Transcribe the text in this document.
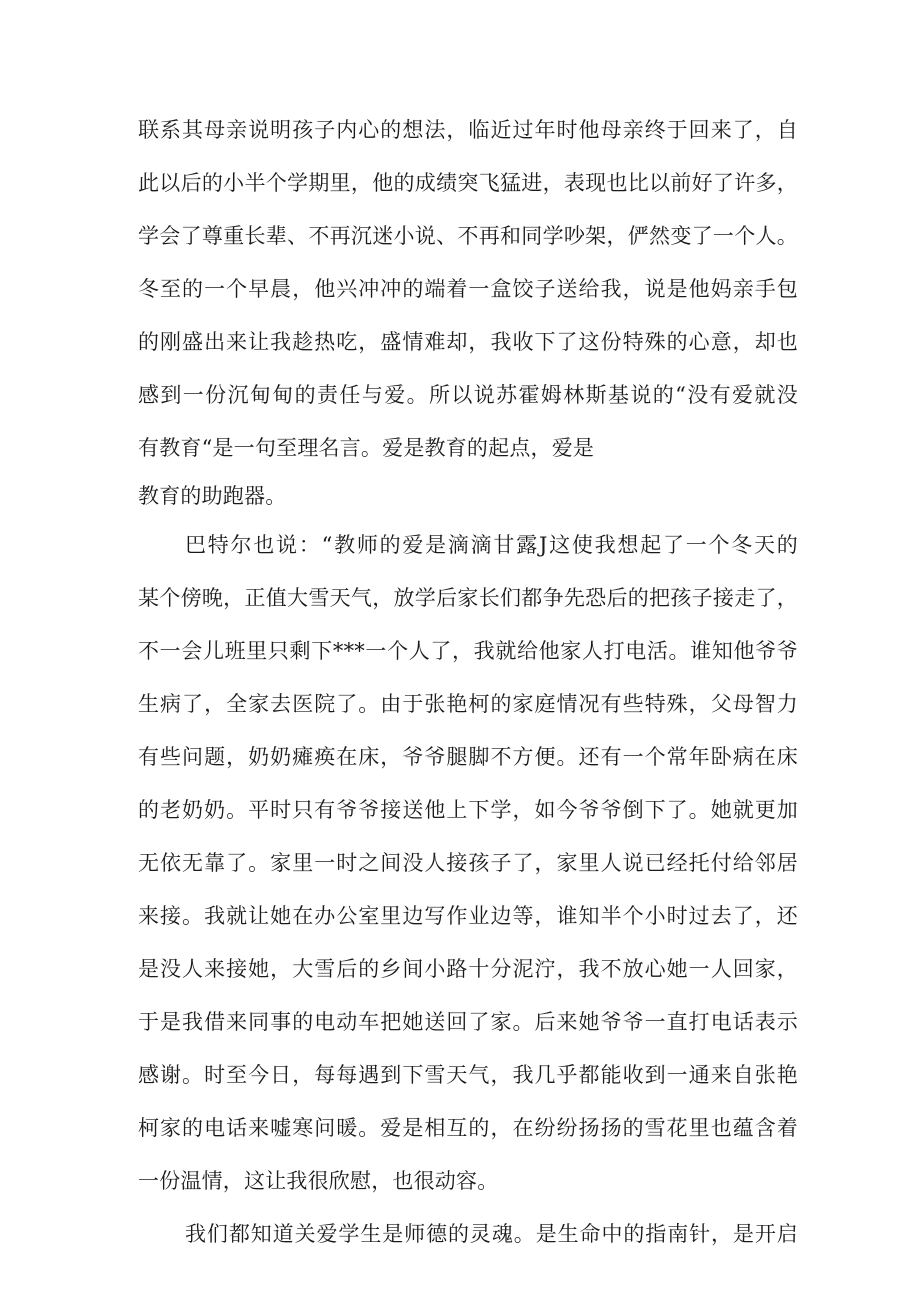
联系其母亲说明孩子内心的想法，临近过年时他母亲终于回来了，自
此以后的小半个学期里，他的成绩突飞猛进，表现也比以前好了许多，
学会了尊重长辈、不再沉迷小说、不再和同学吵架，俨然变了一个人。
冬至的一个早晨，他兴冲冲的端着一盒饺子送给我，说是他妈亲手包
的刚盛出来让我趁热吃，盛情难却，我收下了这份特殊的心意，却也
感到一份沉甸甸的责任与爱。所以说苏霍姆林斯基说的“没有爱就没
有教育“是一句至理名言。爱是教育的起点，爱是
教育的助跑器。
巴特尔也说：“教师的爱是滴滴甘露J这使我想起了一个冬天的
某个傍晚，正值大雪天气，放学后家长们都争先恐后的把孩子接走了，
不一会儿班里只剩下***一个人了，我就给他家人打电活。谁知他爷爷
生病了，全家去医院了。由于张艳柯的家庭情况有些特殊，父母智力
有些问题，奶奶瘫痪在床，爷爷腿脚不方便。还有一个常年卧病在床
的老奶奶。平时只有爷爷接送他上下学，如今爷爷倒下了。她就更加
无依无靠了。家里一时之间没人接孩子了，家里人说已经托付给邻居
来接。我就让她在办公室里边写作业边等，谁知半个小时过去了，还
是没人来接她，大雪后的乡间小路十分泥泞，我不放心她一人回家，
于是我借来同事的电动车把她送回了家。后来她爷爷一直打电话表示
感谢。时至今日，每每遇到下雪天气，我几乎都能收到一通来自张艳
柯家的电话来嘘寒问暖。爱是相互的，在纷纷扬扬的雪花里也蕴含着
一份温情，这让我很欣慰，也很动容。
我们都知道关爱学生是师德的灵魂。是生命中的指南针，是开启
